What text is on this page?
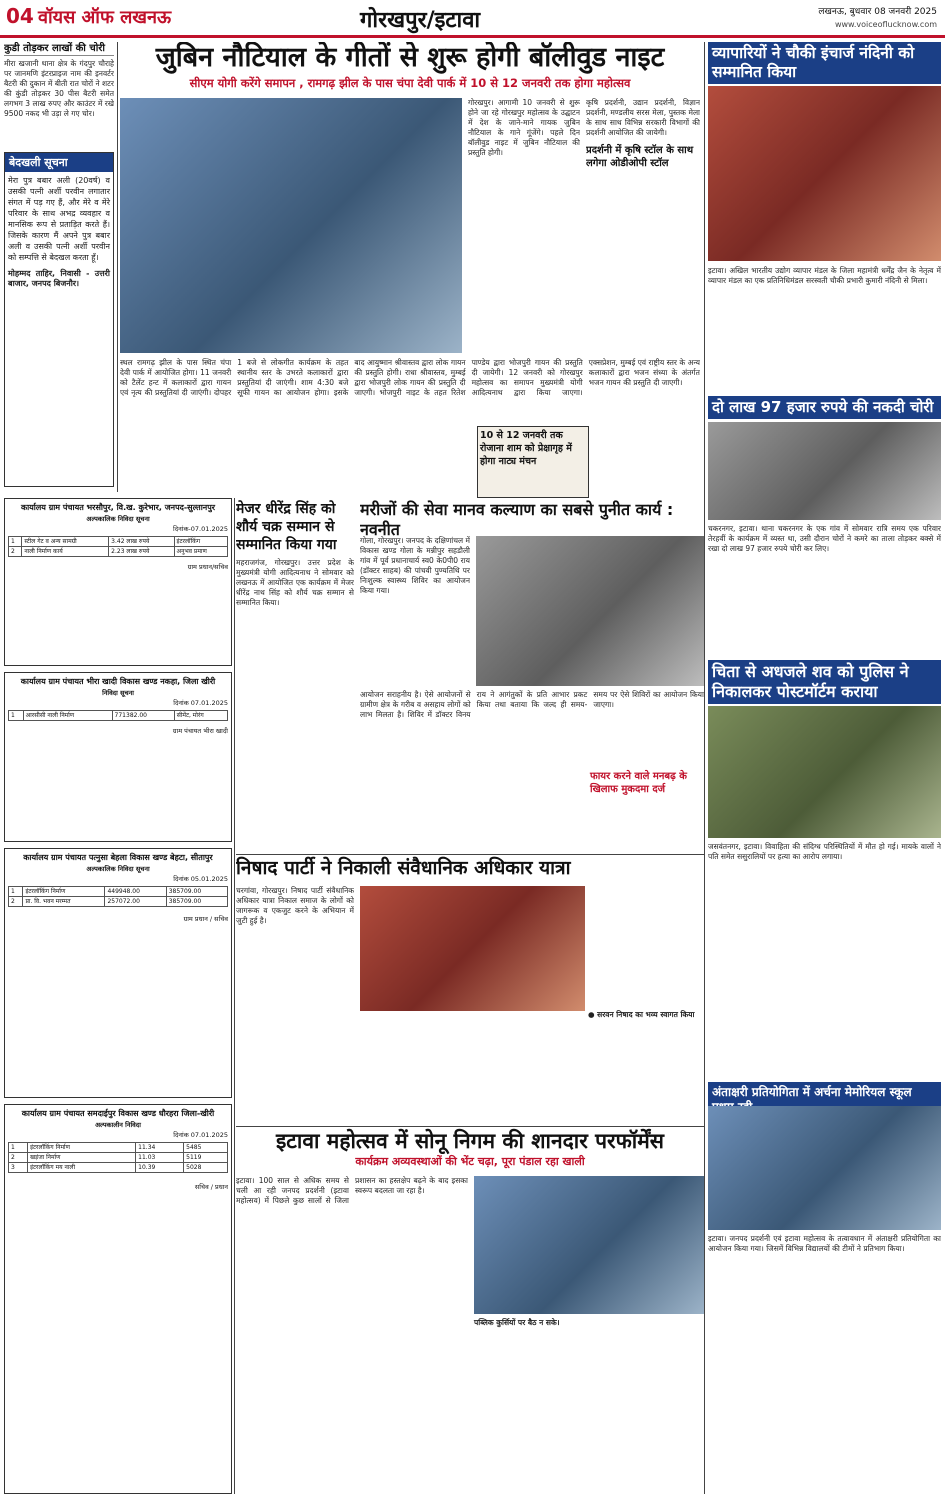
04 वॉयस ऑफ लखनऊ	गोरखपुर/इटावा	लखनऊ, बुधवार 08 जनवरी 2025
www.voiceoflucknow.com
कुडी तोड़कर लाखों की चोरी
मीरा खजानी थाना क्षेत्र के गंदपुर चौराहे पर जानमणि इंटरप्राइज नाम की इनवर्टर बैटरी की दुकान में बीती रात चोरों ने शटर की कुंडी तोड़कर 30 पीस बैटरी समेत लगभग 3 लाख रुपए और काउंटर में रखे 9500 नकद भी उड़ा ले गए चोर।
बेदखली सूचना
मेरा पुत्र बबार अली (20वर्ष) व उसकी पत्नी अर्शी परवीन लगातार संगत में पड़ गए हैं, और मेरे व मेरे परिवार के साथ अभद्र व्यवहार व मानसिक रूप से प्रताड़ित करते हैं। जिसके कारण मैं अपने पुत्र बबार अली व उसकी पत्नी अर्शी परवीन को सम्पत्ति से बेदखल करता हूँ।
मोहम्मद ताहिर, निवासी - उत्तरी बाजार, जनपद बिजनौर।
जुबिन नौटियाल के गीतों से शुरू होगी बॉलीवुड नाइट
सीएम योगी करेंगे समापन , रामगढ़ झील के पास चंपा देवी पार्क में 10 से 12 जनवरी तक होगा महोत्सव
गोरखपुर। आगामी 10 जनवरी से शुरू होने जा रहे गोरखपुर महोत्सव के उद्घाटन में देश के जाने-माने गायक जुबिन नौटियाल के गाने गूंजेंगे। पहले दिन बॉलीवुड नाइट में जुबिन नौटियाल की प्रस्तुति होगी।
कृषि प्रदर्शनी, उद्यान प्रदर्शनी, विज्ञान प्रदर्शनी, मण्डलीय सरस मेला, पुस्तक मेला के साथ साथ विभिन्न सरकारी विभागों की प्रदर्शनी आयोजित की जायेगी।
प्रदर्शनी में कृषि स्टॉल के साथ लगेगा ओडीओपी स्टॉल
स्थल रामगढ़ झील के पास स्थित चंपा देवी पार्क में आयोजित होगा। 11 जनवरी को टैलेंट हन्ट में कलाकारों द्वारा गायन एवं नृत्य की प्रस्तुतियां दी जाएंगी। दोपहर 1 बजे से लोकगीत कार्यक्रम के तहत स्थानीय स्तर के उभरते कलाकारों द्वारा प्रस्तुतियां दी जाएंगी। शाम 4:30 बजे सूफी गायन का आयोजन होगा। इसके बाद आयुष्मान श्रीवास्तव द्वारा लोक गायन की प्रस्तुति होगी। राधा श्रीवास्तव, मुम्बई द्वारा भोजपुरी लोक गायन की प्रस्तुति दी जाएगी। भोजपुरी नाइट के तहत रितेश पाण्डेय द्वारा भोजपुरी गायन की प्रस्तुति दी जायेगी। 12 जनवरी को गोरखपुर महोत्सव का समापन मुख्यमंत्री योगी आदित्यनाथ द्वारा किया जाएगा। एक्सप्रेशन, मुम्बई एवं राष्ट्रीय स्तर के अन्य कलाकारों द्वारा भजन संध्या के अंतर्गत भजन गायन की प्रस्तुति दी जाएगी।
10 से 12 जनवरी तक रोजाना शाम को प्रेक्षागृह में होगा नाट्य मंचन
व्यापारियों ने चौकी इंचार्ज नंदिनी को सम्मानित किया
इटावा। अखिल भारतीय उद्योग व्यापार मंडल के जिला महामंत्री धर्मेंद्र जैन के नेतृत्व में व्यापार मंडल का एक प्रतिनिधिमंडल सरस्वती चौकी प्रभारी कुमारी नंदिनी से मिला।
दो लाख 97 हजार रुपये की नकदी चोरी
चकरनगर, इटावा। थाना चकरनगर के एक गांव में सोमवार रात्रि समय एक परिवार तेरहवीं के कार्यक्रम में व्यस्त था, उसी दौरान चोरों ने कमरे का ताला तोड़कर बक्से में रखा दो लाख 97 हजार रुपये चोरी कर लिए।
चिता से अधजले शव को पुलिस ने निकालकर पोस्टमॉर्टम कराया
जसवंतनगर, इटावा। विवाहिता की संदिग्ध परिस्थितियों में मौत हो गई। मायके वालों ने पति समेत ससुरालियों पर हत्या का आरोप लगाया।
अंताक्षरी प्रतियोगिता में अर्चना मेमोरियल स्कूल
इटावा। जनपद प्रदर्शनी एवं इटावा महोत्सव के तत्वावधान में अंताक्षरी प्रतियोगिता का आयोजन किया गया। जिसमें विभिन्न विद्यालयों की टीमों ने प्रतिभाग किया।
कार्यालय ग्राम पंचायत भरसौपुर, वि.ख. कुरेभार, जनपद-सुल्तानपुर
अल्पकालिक निविदा सूचना
दिनांक-07.01.2025
1	स्टील गेट व अन्य सामग्री	3.42 लाख रुपये	इंटरलॉकिंग
2	नाली निर्माण कार्य	2.23 लाख रुपये	अनुभव प्रमाण
ग्राम प्रधान/सचिव
कार्यालय ग्राम पंचायत भीरा खादी विकास खण्ड नकहा, जिला खीरी
निविदा सूचना
दिनांक 07.01.2025
1	आरसीसी नाली निर्माण	771382.00	सीमेंट, मोरंग
ग्राम पंचायत भीरा खादी
कार्यालय ग्राम पंचायत पत्नुसा बेहला विकास खण्ड बेहटा, सीतापुर
अल्पकालिक निविदा सूचना
दिनांक 05.01.2025
1	इंटरलॉकिंग निर्माण	449948.00	385709.00
2	प्रा. वि. भवन मरम्मत	257072.00	385709.00
ग्राम प्रधान / सचिव
कार्यालय ग्राम पंचायत समदाईपुर विकास खण्ड धौरहरा जिला-खीरी
अल्पकालीन निविदा
दिनांक 07.01.2025
1	इंटरलॉकिंग निर्माण	11.34	5485
2	खड़ंजा निर्माण	11.03	5119
3	इंटरलॉकिंग मय नाली	10.39	5028
सचिव / प्रधान
मेजर धीरेंद्र सिंह को शौर्य चक्र सम्मान से सम्मानित किया गया
महराजगंज, गोरखपुर। उत्तर प्रदेश के मुख्यमंत्री योगी आदित्यनाथ ने सोमवार को लखनऊ में आयोजित एक कार्यक्रम में मेजर धीरेंद्र नाथ सिंह को शौर्य चक्र सम्मान से सम्मानित किया।
मरीजों की सेवा मानव कल्याण का सबसे पुनीत कार्य : नवनीत
गोला, गोरखपुर। जनपद के दक्षिणांचल में विकास खण्ड गोला के मन्नीपुर सहडौली गांव में पूर्व प्रधानाचार्य स्व0 के0पी0 राय (डॉक्टर साहब) की पांचवी पुण्यतिथि पर निःशुल्क स्वास्थ्य शिविर का आयोजन किया गया।
आयोजन सराहनीय है। ऐसे आयोजनों से ग्रामीण क्षेत्र के गरीब व असहाय लोगों को लाभ मिलता है। शिविर में डॉक्टर विनय राय ने आगंतुकों के प्रति आभार प्रकट किया तथा बताया कि जल्द ही समय-समय पर ऐसे शिविरों का आयोजन किया जाएगा।
फायर करने वाले मनबढ़ के खिलाफ मुकदमा दर्ज
निषाद पार्टी ने निकाली संवैधानिक अधिकार यात्रा
चरगांवा, गोरखपुर। निषाद पार्टी संवैधानिक अधिकार यात्रा निकाल समाज के लोगों को जागरूक व एकजुट करने के अभियान में जुटी हुई है।
● सरवन निषाद का भव्य स्वागत किया
इटावा महोत्सव में सोनू निगम की शानदार परफॉर्मेंस
कार्यक्रम अव्यवस्थाओं की भेंट चढ़ा, पूरा पंडाल रहा खाली
इटावा। 100 साल से अधिक समय से चली आ रही जनपद प्रदर्शनी (इटावा महोत्सव) में पिछले कुछ सालों से जिला प्रशासन का हस्तक्षेप बढ़ने के बाद इसका स्वरूप बदलता जा रहा है।
पब्लिक कुर्सियों पर बैठ न सके।
